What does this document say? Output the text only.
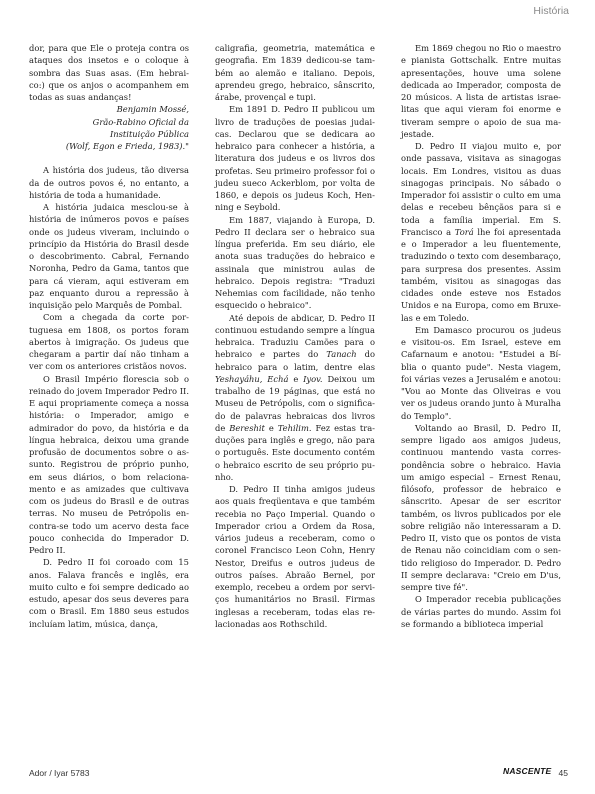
História

dor, para que Ele o proteja contra os ataques dos insetos e o coloque à sombra das Suas asas. (Em hebraico:) que os anjos o acompanhem em todas as suas andanças!

Benjamin Mossé,
Grão-Rabino Oficial da
Instituição Pública
(Wolf, Egon e Frieda, 1983)."

A história dos judeus, tão diversa da de outros povos é, no entanto, a história de toda a humanidade.

A história judaica mesclou-se à história de inúmeros povos e países onde os judeus viveram, incluindo o princípio da História do Brasil desde o descobrimento. Cabral, Fernando Noronha, Pedro da Gama, tantos que para cá vieram, aqui estiveram em paz enquanto durou a repressão à inquisição pelo Marquês de Pombal.

Com a chegada da corte portuguesa em 1808, os portos foram abertos à imigração. Os judeus que chegaram a partir daí não tinham a ver com os anteriores cristãos novos.

O Brasil Império florescia sob o reinado do jovem Imperador Pedro II. E aqui propriamente começa a nossa história: o Imperador, amigo e admirador do povo, da história e da língua hebraica, deixou uma grande profusão de documentos sobre o assunto. Registrou de próprio punho, em seus diários, o bom relacionamento e as amizades que cultivava com os judeus do Brasil e de outras terras. No museu de Petrópolis encontra-se todo um acervo desta face pouco conhecida do Imperador D. Pedro II.

D. Pedro II foi coroado com 15 anos. Falava francês e inglês, era muito culto e foi sempre dedicado ao estudo, apesar dos seus deveres para com o Brasil. Em 1880 seus estudos incluíam latim, música, dança,

caligrafia, geometria, matemática e geografia. Em 1839 dedicou-se também ao alemão e italiano. Depois, aprendeu grego, hebraico, sânscrito, árabe, provençal e tupi.

Em 1891 D. Pedro II publicou um livro de traduções de poesias judaicas. Declarou que se dedicara ao hebraico para conhecer a história, a literatura dos judeus e os livros dos profetas. Seu primeiro professor foi o judeu sueco Ackerblom, por volta de 1860, e depois os judeus Koch, Henning e Seybold.

Em 1887, viajando à Europa, D. Pedro II declara ser o hebraico sua língua preferida. Em seu diário, ele anota suas traduções do hebraico e assinala que ministrou aulas de hebraico. Depois registra: "Traduzi Nehemias com facilidade, não tenho esquecido o hebraico".

Até depois de abdicar, D. Pedro II continuou estudando sempre a língua hebraica. Traduziu Camões para o hebraico e partes do Tanach do hebraico para o latim, dentre elas Yeshayáhu, Echá e Iyov. Deixou um trabalho de 19 páginas, que está no Museu de Petrópolis, com o significado de palavras hebraicas dos livros de Bereshit e Tehilim. Fez estas traduções para inglês e grego, não para o português. Este documento contém o hebraico escrito de seu próprio punho.

D. Pedro II tinha amigos judeus aos quais freqüentava e que também recebia no Paço Imperial. Quando o Imperador criou a Ordem da Rosa, vários judeus a receberam, como o coronel Francisco Leon Cohn, Henry Nestor, Dreifus e outros judeus de outros países. Abraão Bernel, por exemplo, recebeu a ordem por serviços humanitários no Brasil. Firmas inglesas a receberam, todas elas relacionadas aos Rothschild.

Em 1869 chegou no Rio o maestro e pianista Gottschalk. Entre muitas apresentações, houve uma solene dedicada ao Imperador, composta de 20 músicos. A lista de artistas israelitas que aqui vieram foi enorme e tiveram sempre o apoio de sua majestade.

D. Pedro II viajou muito e, por onde passava, visitava as sinagogas locais. Em Londres, visitou as duas sinagogas principais. No sábado o Imperador foi assistir o culto em uma delas e recebeu bênçãos para si e toda a família imperial. Em S. Francisco a Torá lhe foi apresentada e o Imperador a leu fluentemente, traduzindo o texto com desembaraço, para surpresa dos presentes. Assim também, visitou as sinagogas das cidades onde esteve nos Estados Unidos e na Europa, como em Bruxelas e em Toledo.

Em Damasco procurou os judeus e visitou-os. Em Israel, esteve em Cafarnaum e anotou: "Estudei a Bíblia o quanto pude". Nesta viagem, foi várias vezes a Jerusalém e anotou: "Vou ao Monte das Oliveiras e vou ver os judeus orando junto à Muralha do Templo".

Voltando ao Brasil, D. Pedro II, sempre ligado aos amigos judeus, continuou mantendo vasta correspondência sobre o hebraico. Havia um amigo especial – Ernest Renau, filósofo, professor de hebraico e sânscrito. Apesar de ser escritor também, os livros publicados por ele sobre religião não interessaram a D. Pedro II, visto que os pontos de vista de Renau não coincidiam com o sentido religioso do Imperador. D. Pedro II sempre declarava: "Creio em D'us, sempre tive fé".

O Imperador recebia publicações de várias partes do mundo. Assim foi se formando a biblioteca imperial

Ador / Iyar 5783	NASCENTE 45
